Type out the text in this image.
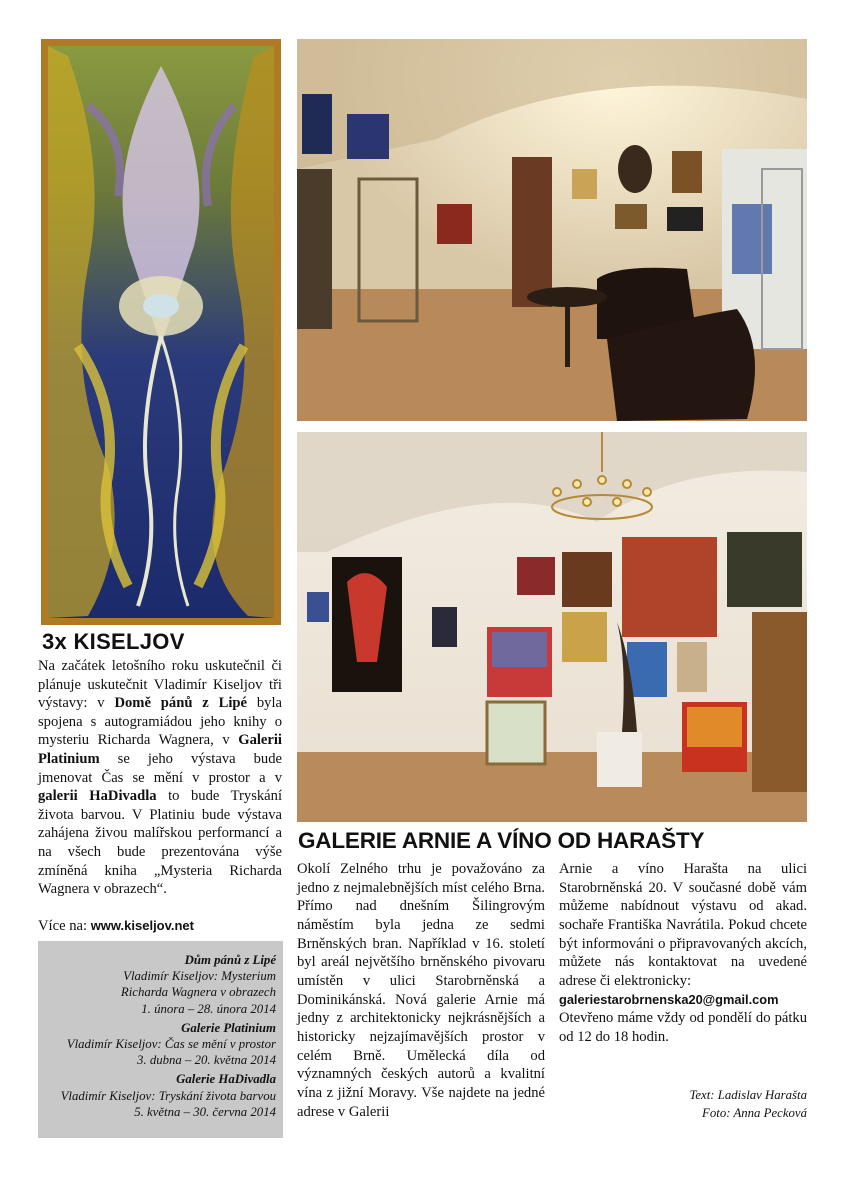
3x KISELJOV
Na začátek letošního roku uskutečnil či plánuje uskutečnit Vladimír Kiseljov tři výstavy: v Domě pánů z Lipé byla spojena s autogramiádou jeho knihy o mysteriu Richarda Wagnera, v Galerii Platinium se jeho výstava bude jmenovat Čas se mění v prostor a v galerii HaDivadla to bude Tryskání života barvou. V Platiniu bude výstava zahájena živou malířskou performancí a na všech bude prezentována výše zmíněná kniha „Mysteria Richarda Wagnera v obrazech“.
Více na: www.kiseljov.net
Dům pánů z Lipé
Vladimír Kiseljov: Mysterium
Richarda Wagnera v obrazech
1. února – 28. února 2014
Galerie Platinium
Vladimír Kiseljov: Čas se mění v prostor
3. dubna – 20. května 2014
Galerie HaDivadla
Vladimír Kiseljov: Tryskání života barvou
5. května – 30. června 2014
GALERIE ARNIE A VÍNO OD HARAŠTY
Okolí Zelného trhu je považováno za jedno z nejmalebnějších míst celého Brna. Přímo nad dnešním Šilingrovým náměstím byla jedna ze sedmi Brněnských bran. Například v 16. století byl areál největšího brněnského pivovaru umístěn v ulici Starobrněnská a Dominikánská. Nová galerie Arnie má jedny z architektonicky nejkrásnějších a historicky nejzajímavějších prostor v celém Brně. Umělecká díla od významných českých autorů a kvalitní vína z jižní Moravy. Vše najdete na jedné adrese v Galerii
Arnie a víno Harašta na ulici Starobrněnská 20. V současné době vám můžeme nabídnout výstavu od akad. sochaře Františka Navrátila. Pokud chcete být informováni o připravovaných akcích, můžete nás kontaktovat na uvedené adrese či elektronicky:
galeriestarobrnenska20@gmail.com
Otevřeno máme vždy od pondělí do pátku od 12 do 18 hodin.
Text: Ladislav Harašta
Foto: Anna Pecková
